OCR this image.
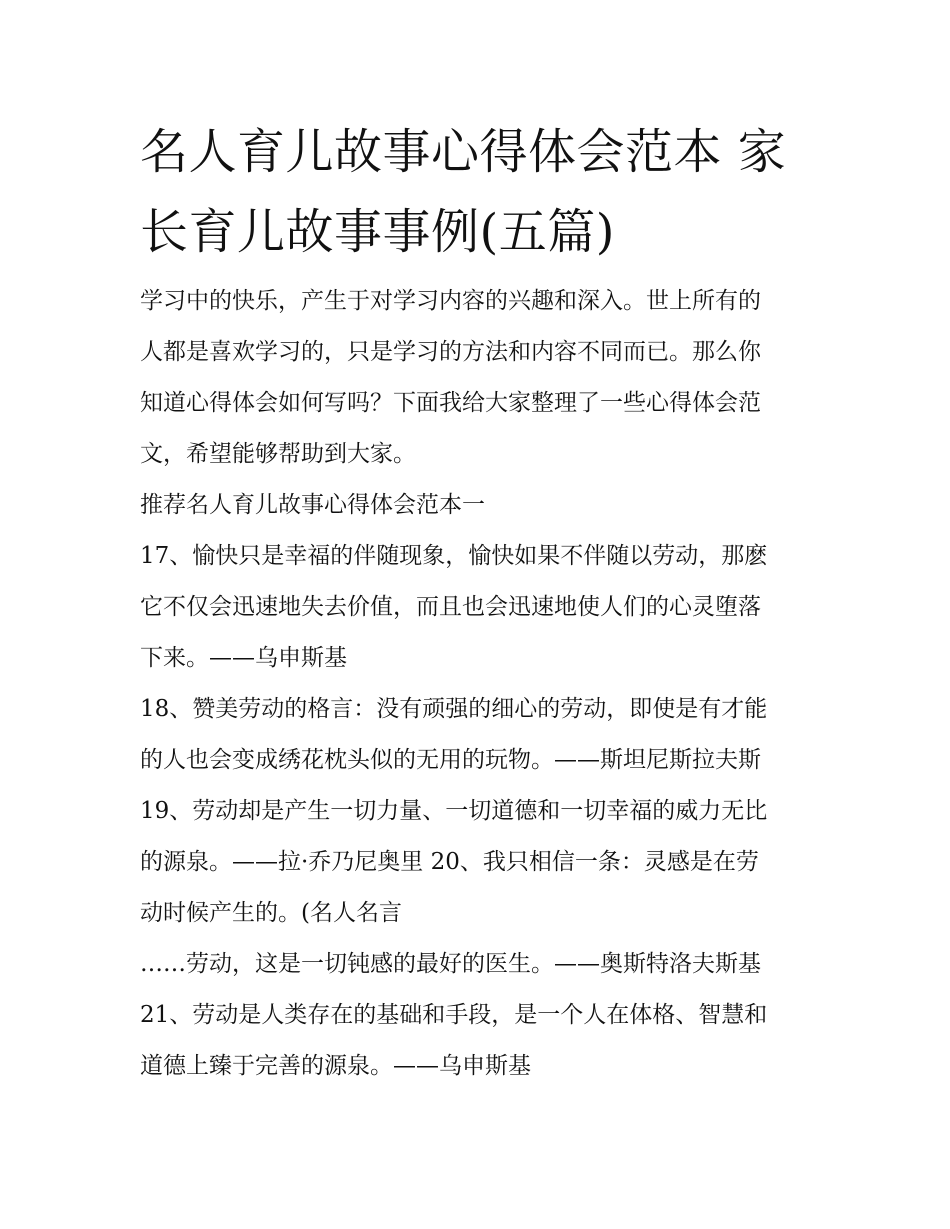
名人育儿故事心得体会范本 家
长育儿故事事例(五篇)

学习中的快乐，产生于对学习内容的兴趣和深入。世上所有的
人都是喜欢学习的，只是学习的方法和内容不同而已。那么你
知道心得体会如何写吗？下面我给大家整理了一些心得体会范
文，希望能够帮助到大家。

推荐名人育儿故事心得体会范本一

17、愉快只是幸福的伴随现象，愉快如果不伴随以劳动，那麽
它不仅会迅速地失去价值，而且也会迅速地使人们的心灵堕落
下来。——乌申斯基

18、赞美劳动的格言：没有顽强的细心的劳动，即使是有才能
的人也会变成绣花枕头似的无用的玩物。——斯坦尼斯拉夫斯

19、劳动却是产生一切力量、一切道德和一切幸福的威力无比
的源泉。——拉·乔乃尼奥里 20、我只相信一条：灵感是在劳
动时候产生的。(名人名言

……劳动，这是一切钝感的最好的医生。——奥斯特洛夫斯基

21、劳动是人类存在的基础和手段，是一个人在体格、智慧和
道德上臻于完善的源泉。——乌申斯基
